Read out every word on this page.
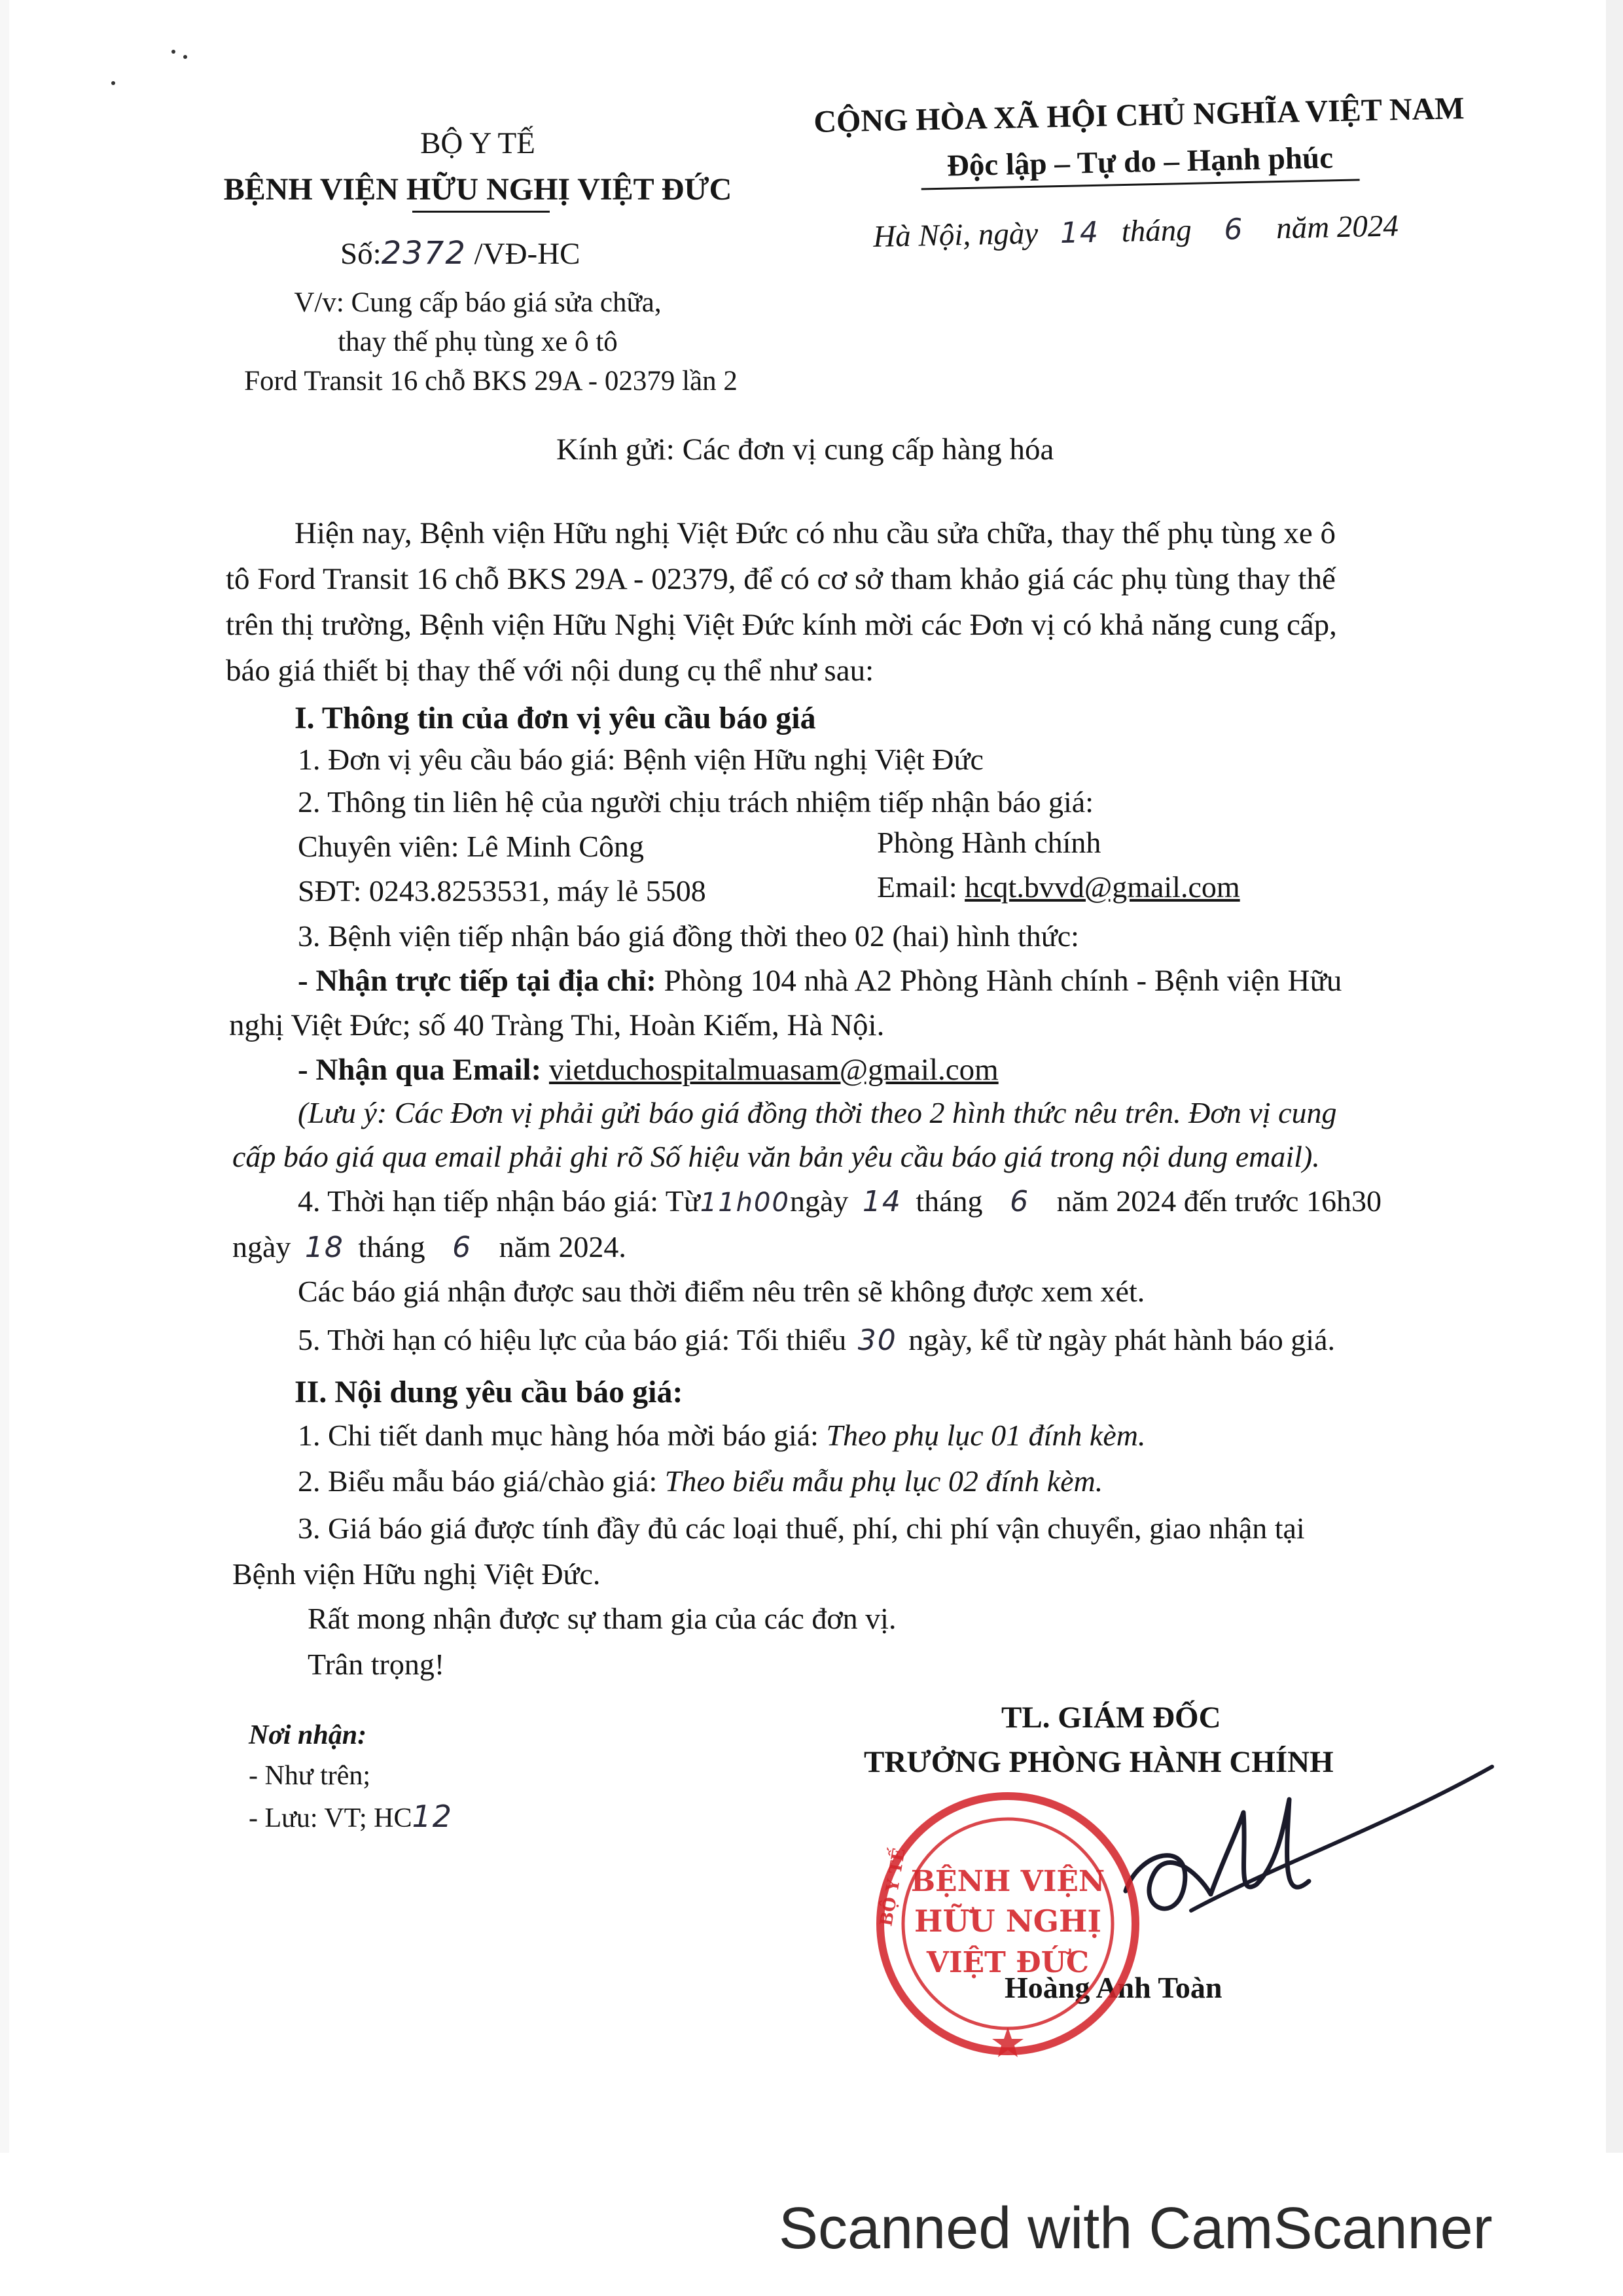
BỘ Y TẾ
BỆNH VIỆN HỮU NGHỊ VIỆT ĐỨC
Số:2372 /VĐ-HC
V/v: Cung cấp báo giá sửa chữa,
thay thế phụ tùng xe ô tô
Ford Transit 16 chỗ BKS 29A - 02379 lần 2
CỘNG HÒA XÃ HỘI CHỦ NGHĨA VIỆT NAM
Độc lập – Tự do – Hạnh phúc
Hà Nội, ngày 14 tháng 6 năm 2024
Kính gửi: Các đơn vị cung cấp hàng hóa
Hiện nay, Bệnh viện Hữu nghị Việt Đức có nhu cầu sửa chữa, thay thế phụ tùng xe ô
tô Ford Transit 16 chỗ BKS 29A - 02379, để có cơ sở tham khảo giá các phụ tùng thay thế
trên thị trường, Bệnh viện Hữu Nghị Việt Đức kính mời các Đơn vị có khả năng cung cấp,
báo giá thiết bị thay thế với nội dung cụ thể như sau:
I. Thông tin của đơn vị yêu cầu báo giá
1. Đơn vị yêu cầu báo giá: Bệnh viện Hữu nghị Việt Đức
2. Thông tin liên hệ của người chịu trách nhiệm tiếp nhận báo giá:
Chuyên viên: Lê Minh Công	Phòng Hành chính
SĐT: 0243.8253531, máy lẻ 5508	Email: hcqt.bvvd@gmail.com
3. Bệnh viện tiếp nhận báo giá đồng thời theo 02 (hai) hình thức:
- Nhận trực tiếp tại địa chỉ: Phòng 104 nhà A2 Phòng Hành chính - Bệnh viện Hữu
nghị Việt Đức; số 40 Tràng Thi, Hoàn Kiếm, Hà Nội.
- Nhận qua Email: vietduchospitalmuasam@gmail.com
(Lưu ý: Các Đơn vị phải gửi báo giá đồng thời theo 2 hình thức nêu trên. Đơn vị cung
cấp báo giá qua email phải ghi rõ Số hiệu văn bản yêu cầu báo giá trong nội dung email).
4. Thời hạn tiếp nhận báo giá: Từ11h00ngày 14 tháng 6 năm 2024 đến trước 16h30
ngày 18 tháng 6 năm 2024.
Các báo giá nhận được sau thời điểm nêu trên sẽ không được xem xét.
5. Thời hạn có hiệu lực của báo giá: Tối thiểu 30 ngày, kể từ ngày phát hành báo giá.
II. Nội dung yêu cầu báo giá:
1. Chi tiết danh mục hàng hóa mời báo giá: Theo phụ lục 01 đính kèm.
2. Biểu mẫu báo giá/chào giá: Theo biểu mẫu phụ lục 02 đính kèm.
3. Giá báo giá được tính đầy đủ các loại thuế, phí, chi phí vận chuyển, giao nhận tại
Bệnh viện Hữu nghị Việt Đức.
Rất mong nhận được sự tham gia của các đơn vị.
Trân trọng!
Nơi nhận:
- Như trên;
- Lưu: VT; HC12
TL. GIÁM ĐỐC
TRƯỞNG PHÒNG HÀNH CHÍNH
Hoàng Anh Toàn
BỆNH VIỆN
HỮU NGHỊ
VIỆT ĐỨC
BỘ Y TẾ
Scanned with CamScanner
